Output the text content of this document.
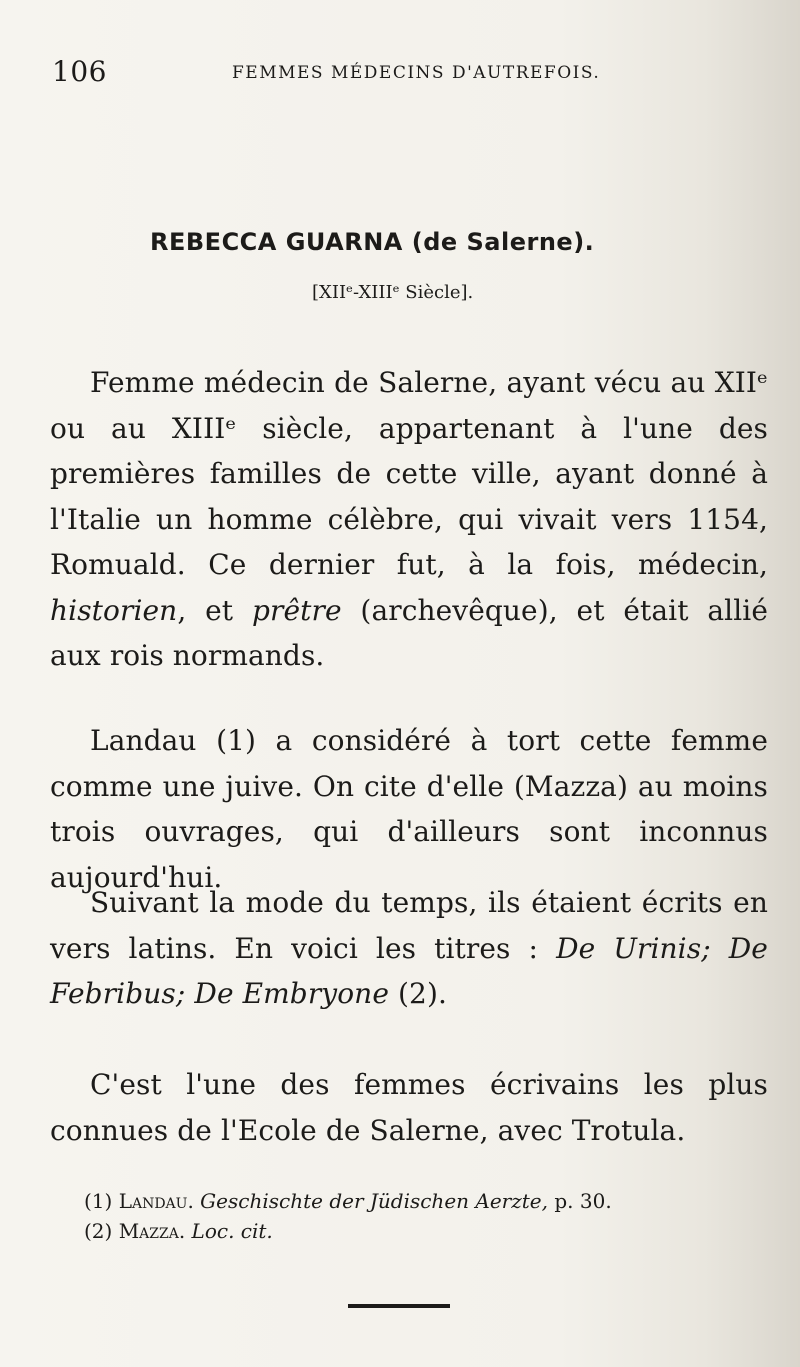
106	FEMMES MÉDECINS D'AUTREFOIS.
REBECCA GUARNA (de Salerne).
[XIIᵉ-XIIIᵉ Siècle].

Femme médecin de Salerne, ayant vécu au XIIᵉ ou au XIIIᵉ siècle, appartenant à l'une des premières familles de cette ville, ayant donné à l'Italie un homme célèbre, qui vivait vers 1154, Romuald. Ce dernier fut, à la fois, médecin, historien, et prêtre (archevêque), et était allié aux rois normands.

Landau (1) a considéré à tort cette femme comme une juive. On cite d'elle (Mazza) au moins trois ouvrages, qui d'ailleurs sont inconnus aujourd'hui.

Suivant la mode du temps, ils étaient écrits en vers latins. En voici les titres : De Urinis; De Febribus; De Embryone (2).

C'est l'une des femmes écrivains les plus connues de l'Ecole de Salerne, avec Trotula.

(1) Landau. Geschischte der Jüdischen Aerzte, p. 30.
(2) Mazza. Loc. cit.
